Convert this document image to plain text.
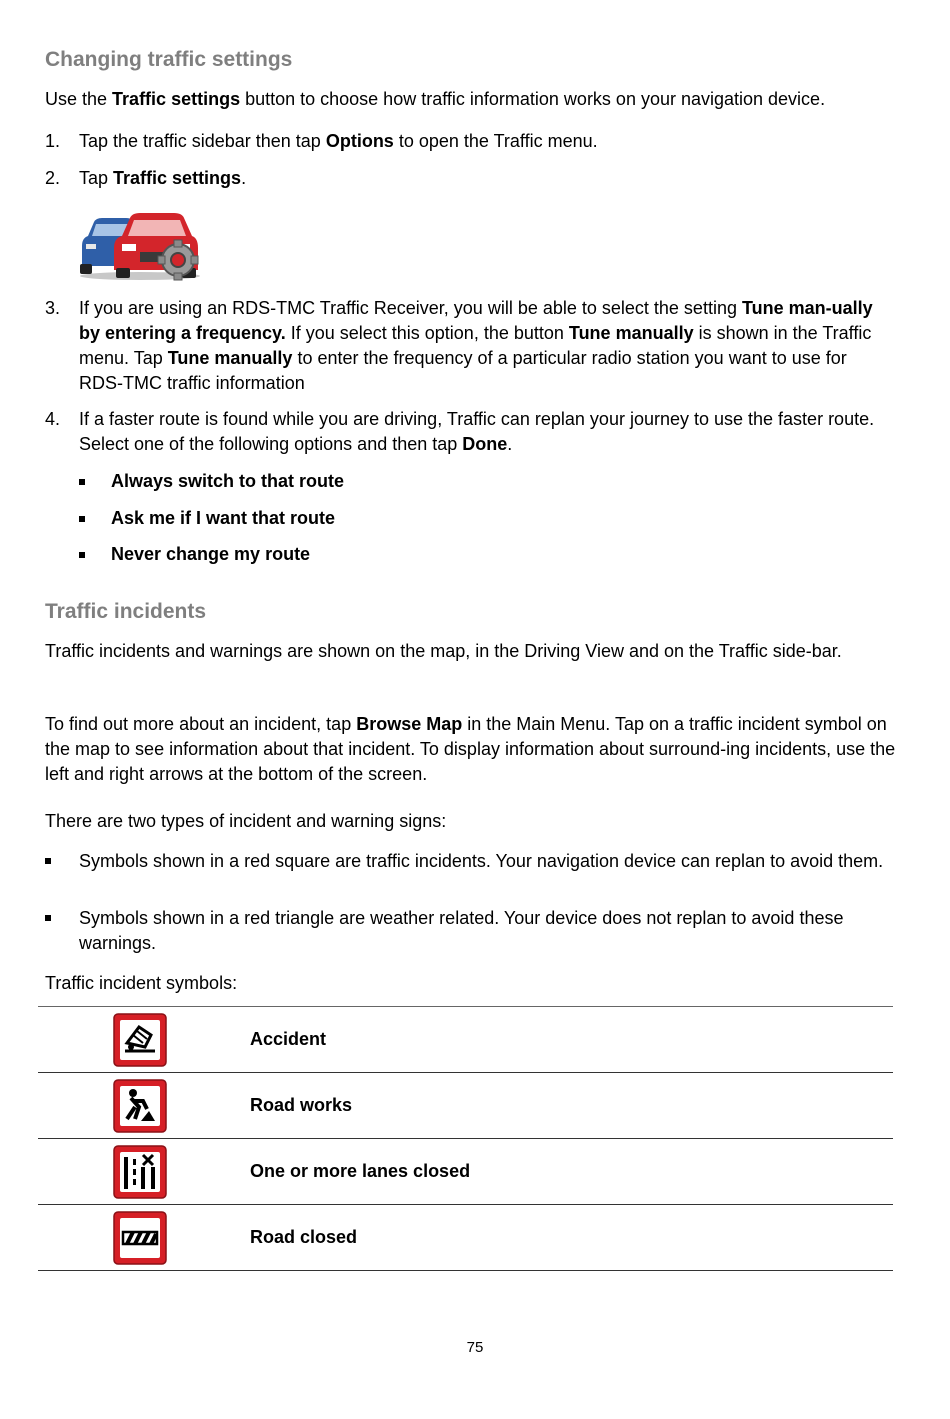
Changing traffic settings

Use the Traffic settings button to choose how traffic information works on your navigation device.

1. Tap the traffic sidebar then tap Options to open the Traffic menu.

2. Tap Traffic settings.

3. If you are using an RDS-TMC Traffic Receiver, you will be able to select the setting Tune man-ually by entering a frequency. If you select this option, the button Tune manually is shown in the Traffic menu. Tap Tune manually to enter the frequency of a particular radio station you want to use for RDS-TMC traffic information

4. If a faster route is found while you are driving, Traffic can replan your journey to use the faster route. Select one of the following options and then tap Done.

Always switch to that route
Ask me if I want that route
Never change my route
Traffic incidents

Traffic incidents and warnings are shown on the map, in the Driving View and on the Traffic side-bar.

To find out more about an incident, tap Browse Map in the Main Menu. Tap on a traffic incident symbol on the map to see information about that incident. To display information about surround-ing incidents, use the left and right arrows at the bottom of the screen.

There are two types of incident and warning signs:

Symbols shown in a red square are traffic incidents. Your navigation device can replan to avoid them.

Symbols shown in a red triangle are weather related. Your device does not replan to avoid these warnings.

Traffic incident symbols:

	Accident

	Road works

	One or more lanes closed

	Road closed
75
